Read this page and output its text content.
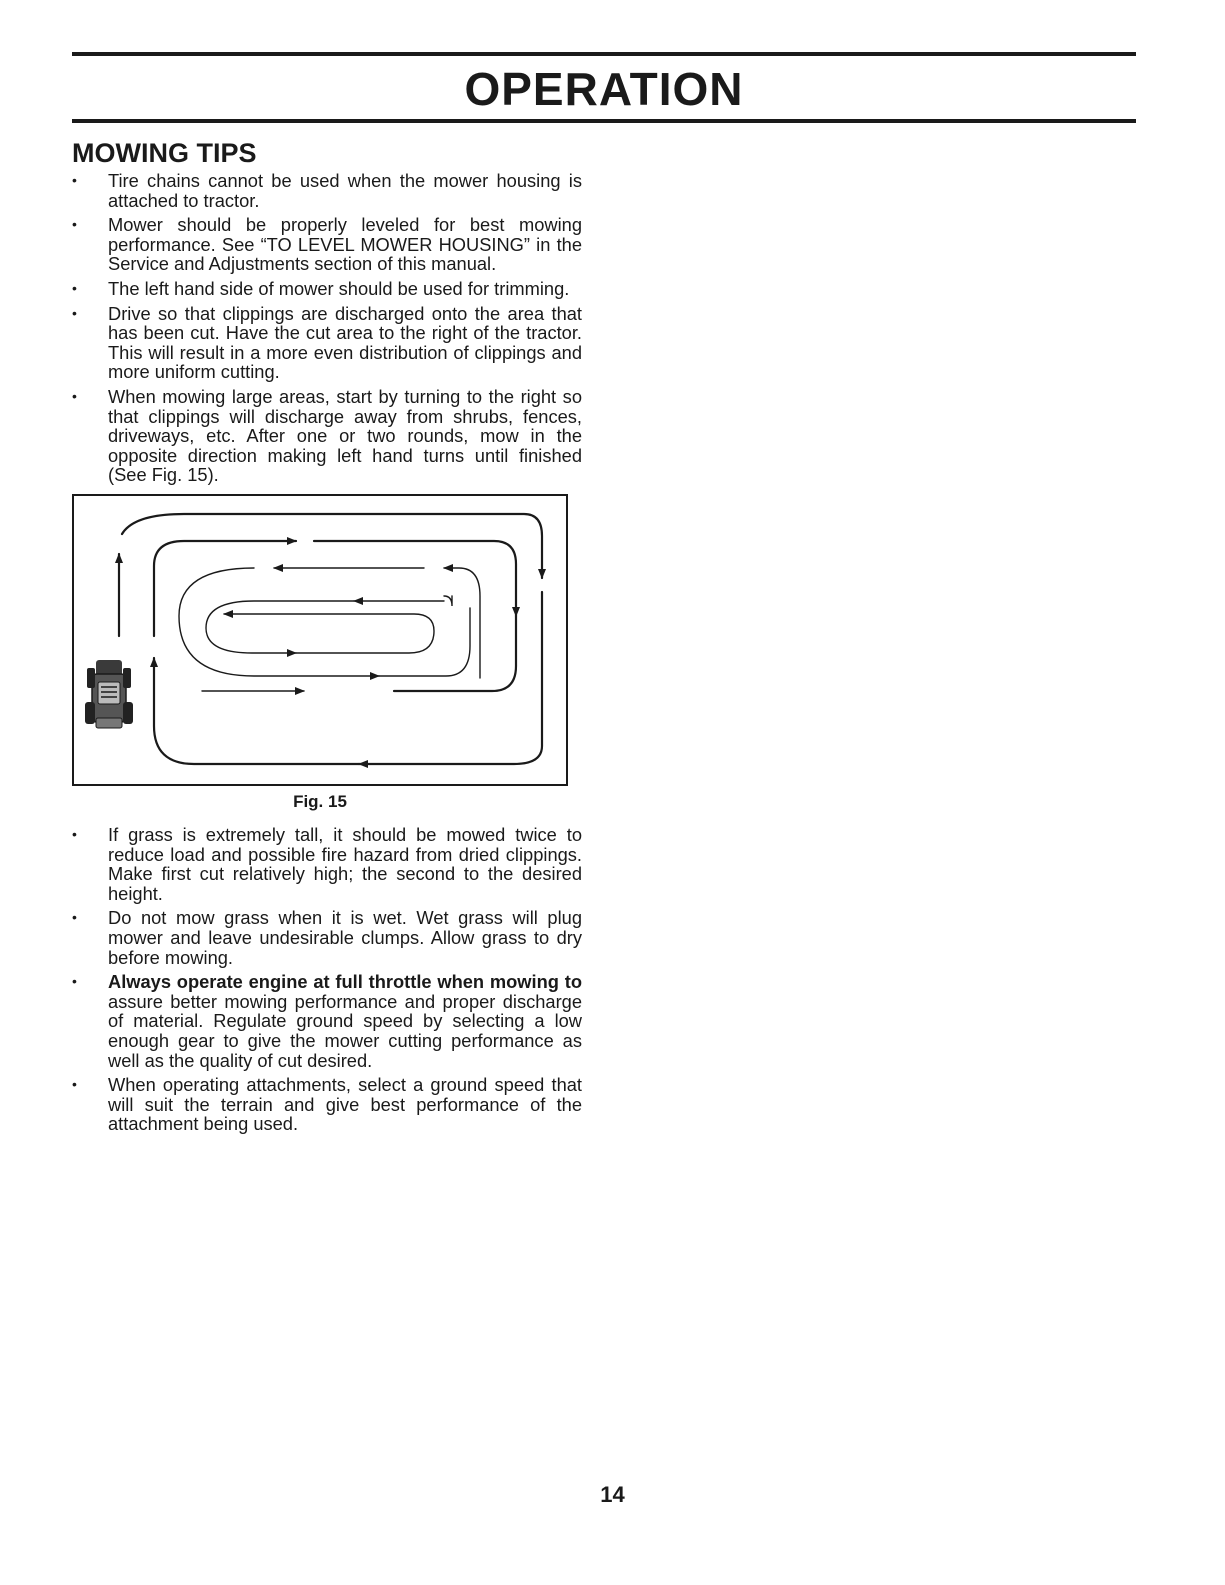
OPERATION
MOWING TIPS
• Tire chains cannot be used when the mower housing is attached to tractor.
• Mower should be properly leveled for best mowing performance. See “TO LEVEL MOWER HOUSING” in the Service and Adjustments section of this manual.
• The left hand side of mower should be used for trimming.
• Drive so that clippings are discharged onto the area that has been cut. Have the cut area to the right of the tractor. This will result in a more even distribution of clippings and more uniform cutting.
• When mowing large areas, start by turning to the right so that clippings will discharge away from shrubs, fences, driveways, etc. After one or two rounds, mow in the opposite direction making left hand turns until finished (See Fig. 15).
Fig. 15
• If grass is extremely tall, it should be mowed twice to reduce load and possible fire hazard from dried clippings. Make first cut relatively high; the second to the desired height.
• Do not mow grass when it is wet. Wet grass will plug mower and leave undesirable clumps. Allow grass to dry before mowing.
• Always operate engine at full throttle when mowing to assure better mowing performance and proper discharge of material. Regulate ground speed by selecting a low enough gear to give the mower cutting performance as well as the quality of cut desired.
• When operating attachments, select a ground speed that will suit the terrain and give best performance of the attachment being used.
14
